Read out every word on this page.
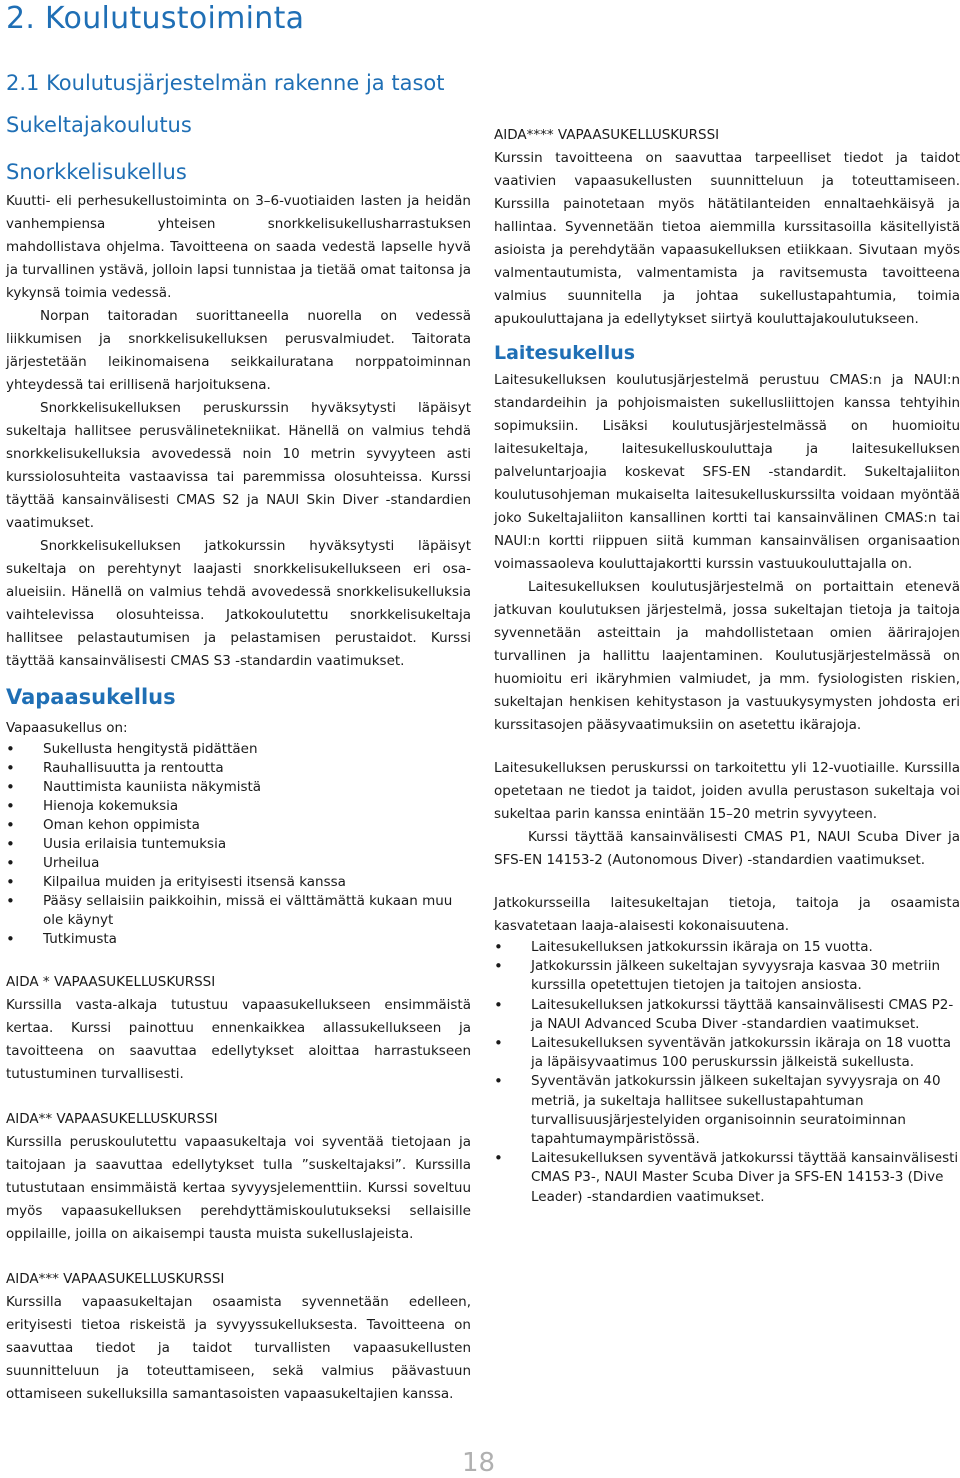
2. Koulutustoiminta
2.1 Koulutusjärjestelmän rakenne ja tasot
Sukeltajakoulutus
Snorkkelisukellus

Kuutti- eli perhesukellustoiminta on 3–6-vuotiaiden lasten ja heidän vanhempiensa yhteisen snorkkelisukellusharrastuksen mahdollistava ohjelma. Tavoitteena on saada vedestä lapselle hyvä ja turvallinen ystävä, jolloin lapsi tunnistaa ja tietää omat taitonsa ja kykynsä toimia vedessä.

Norpan taitoradan suorittaneella nuorella on vedessä liikkumisen ja snorkkelisukelluksen perusvalmiudet. Taitorata järjestetään leikinomaisena seikkailuratana norppatoiminnan yhteydessä tai erillisenä harjoituksena.

Snorkkelisukelluksen peruskurssin hyväksytysti läpäisyt sukeltaja hallitsee perusvälinetekniikat. Hänellä on valmius tehdä snorkkelisukelluksia avovedessä noin 10 metrin syvyyteen asti kurssiolosuhteita vastaavissa tai paremmissa olosuhteissa. Kurssi täyttää kansainvälisesti CMAS S2 ja NAUI Skin Diver -standardien vaatimukset.

Snorkkelisukelluksen jatkokurssin hyväksytysti läpäisyt sukeltaja on perehtynyt laajasti snorkkelisukellukseen eri osa-alueisiin. Hänellä on valmius tehdä avovedessä snorkkelisukelluksia vaihtelevissa olosuhteissa. Jatkokoulutettu snorkkelisukeltaja hallitsee pelastautumisen ja pelastamisen perustaidot. Kurssi täyttää kansainvälisesti CMAS S3 -standardin vaatimukset.

Vapaasukellus

Vapaasukellus on:

• Sukellusta hengitystä pidättäen
• Rauhallisuutta ja rentoutta
• Nauttimista kauniista näkymistä
• Hienoja kokemuksia
• Oman kehon oppimista
• Uusia erilaisia tuntemuksia
• Urheilua
• Kilpailua muiden ja erityisesti itsensä kanssa
• Pääsy sellaisiin paikkoihin, missä ei välttämättä kukaan muu ole käynyt
• Tutkimusta
AIDA * VAPAASUKELLUSKURSSI

Kurssilla vasta-alkaja tutustuu vapaasukellukseen ensimmäistä kertaa. Kurssi painottuu ennenkaikkea allassukellukseen ja tavoitteena on saavuttaa edellytykset aloittaa harrastukseen tutustuminen turvallisesti.

AIDA** VAPAASUKELLUSKURSSI

Kurssilla peruskoulutettu vapaasukeltaja voi syventää tietojaan ja taitojaan ja saavuttaa edellytykset tulla ”suskeltajaksi”. Kurssilla tutustutaan ensimmäistä kertaa syvyysjelementtiin. Kurssi soveltuu myös vapaasukelluksen perehdyttämiskoulutukseksi sellaisille oppilaille, joilla on aikaisempi tausta muista sukelluslajeista.

AIDA*** VAPAASUKELLUSKURSSI

Kurssilla vapaasukeltajan osaamista syvennetään edelleen, erityisesti tietoa riskeistä ja syvyyssukelluksesta. Tavoitteena on saavuttaa tiedot ja taidot turvallisten vapaasukellusten suunnitteluun ja toteuttamiseen, sekä valmius päävastuun ottamiseen sukelluksilla samantasoisten vapaasukeltajien kanssa.

AIDA**** VAPAASUKELLUSKURSSI

Kurssin tavoitteena on saavuttaa tarpeelliset tiedot ja taidot vaativien vapaasukellusten suunnitteluun ja toteuttamiseen. Kurssilla painotetaan myös hätätilanteiden ennaltaehkäisyä ja hallintaa. Syvennetään tietoa aiemmilla kurssitasoilla käsitellyistä asioista ja perehdytään vapaasukelluksen etiikkaan. Sivutaan myös valmentautumista, valmentamista ja ravitsemusta tavoitteena valmius suunnitella ja johtaa sukellustapahtumia, toimia apukouluttajana ja edellytykset siirtyä kouluttajakoulutukseen.

Laitesukellus

Laitesukelluksen koulutusjärjestelmä perustuu CMAS:n ja NAUI:n standardeihin ja pohjoismaisten sukellusliittojen kanssa tehtyihin sopimuksiin. Lisäksi koulutusjärjestelmässä on huomioitu laitesukeltaja, laitesukelluskouluttaja ja laitesukelluksen palveluntarjoajia koskevat SFS-EN -standardit. Sukeltajaliiton koulutusohjeman mukaiselta laitesukelluskurssilta voidaan myöntää joko Sukeltajaliiton kansallinen kortti tai kansainvälinen CMAS:n tai NAUI:n kortti riippuen siitä kumman kansainvälisen organisaation voimassaoleva kouluttajakortti kurssin vastuukouluttajalla on.

Laitesukelluksen koulutusjärjestelmä on portaittain etenevä jatkuvan koulutuksen järjestelmä, jossa sukeltajan tietoja ja taitoja syvennetään asteittain ja mahdollistetaan omien äärirajojen turvallinen ja hallittu laajentaminen. Koulutusjärjestelmässä on huomioitu eri ikäryhmien valmiudet, ja mm. fysiologisten riskien, sukeltajan henkisen kehitystason ja vastuukysymysten johdosta eri kurssitasojen pääsyvaatimuksiin on asetettu ikärajoja.

Laitesukelluksen peruskurssi on tarkoitettu yli 12-vuotiaille. Kurssilla opetetaan ne tiedot ja taidot, joiden avulla perustason sukeltaja voi sukeltaa parin kanssa enintään 15–20 metrin syvyyteen.

Kurssi täyttää kansainvälisesti CMAS P1, NAUI Scuba Diver ja SFS-EN 14153-2 (Autonomous Diver) -standardien vaatimukset.

Jatkokursseilla laitesukeltajan tietoja, taitoja ja osaamista kasvatetaan laaja-alaisesti kokonaisuutena.

• Laitesukelluksen jatkokurssin ikäraja on 15 vuotta.
• Jatkokurssin jälkeen sukeltajan syvyysraja kasvaa 30 metriin kurssilla opetettujen tietojen ja taitojen ansiosta.
• Laitesukelluksen jatkokurssi täyttää kansainvälisesti CMAS P2- ja NAUI Advanced Scuba Diver -standardien vaatimukset.
• Laitesukelluksen syventävän jatkokurssin ikäraja on 18 vuotta ja läpäisyvaatimus 100 peruskurssin jälkeistä sukellusta.
• Syventävän jatkokurssin jälkeen sukeltajan syvyysraja on 40 metriä, ja sukeltaja hallitsee sukellustapahtuman turvallisuusjärjestelyiden organisoinnin seuratoiminnan tapahtumaympäristössä.
• Laitesukelluksen syventävä jatkokurssi täyttää kansainvälisesti CMAS P3-, NAUI Master Scuba Diver ja SFS-EN 14153-3 (Dive Leader) -standardien vaatimukset.
18
